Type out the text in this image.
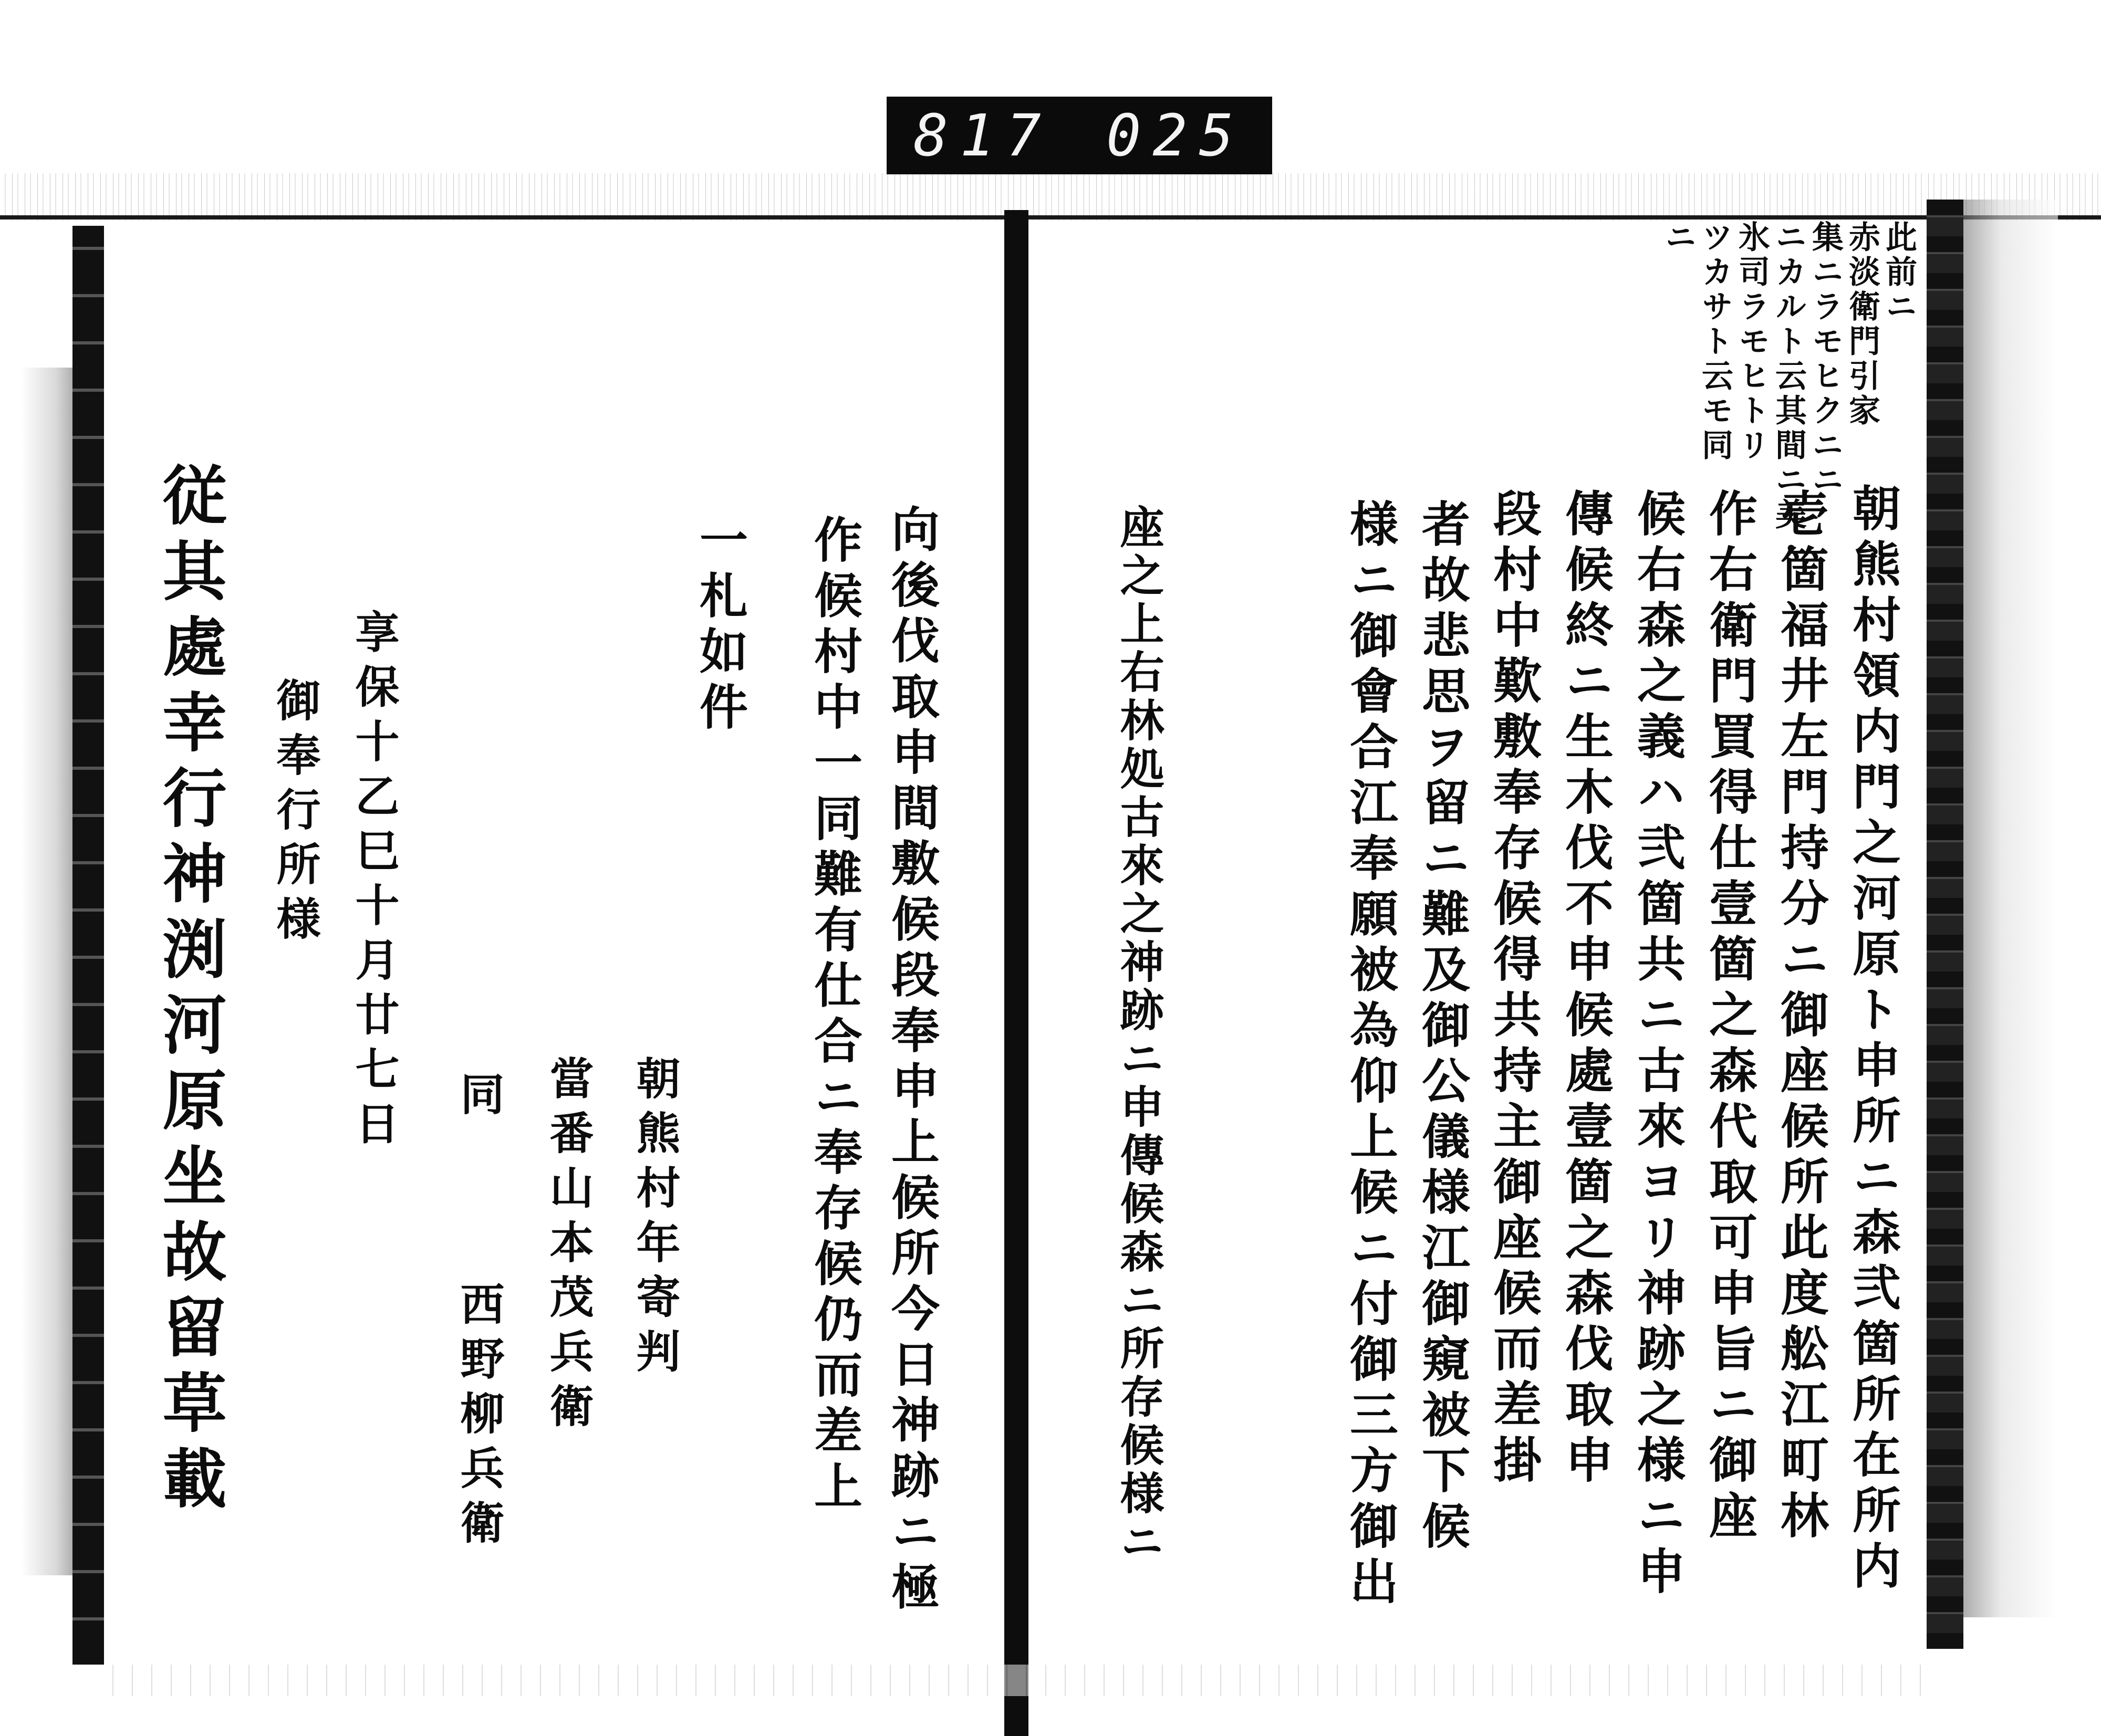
817 025
此前ニ
赤淡衛門引家
集ニラモヒクニニ
ニカルト云其間ニ美・
氷司ラモヒトリ
ツカサト云モ同
ニ
朝熊村領内門之河原ト申所ニ森弐箇所在所内
壱箇福井左門持分ニ御座候所此度舩江町林
作右衛門買得仕壹箇之森代取可申旨ニ御座
候右森之義ハ弐箇共ニ古來ヨリ神跡之様ニ申
傳候終ニ生木伐不申候處壹箇之森伐取申
段村中歎敷奉存候得共持主御座候而差掛
者故悲思ヲ留ニ難及御公儀様江御窺被下候
様ニ御會合江奉願被為仰上候ニ付御三方御出
座之上右林処古來之神跡ニ申傳候森ニ所存候様ニ
向後伐取申間敷候段奉申上候所今日神跡ニ極
作候村中一同難有仕合ニ奉存候仍而差上
一札如件
朝熊村年寄判
當番山本茂兵衛
同
西野柳兵衛
享保十乙巳十月廿七日
御奉行所様
従其處幸行神渕河原坐故留草載
